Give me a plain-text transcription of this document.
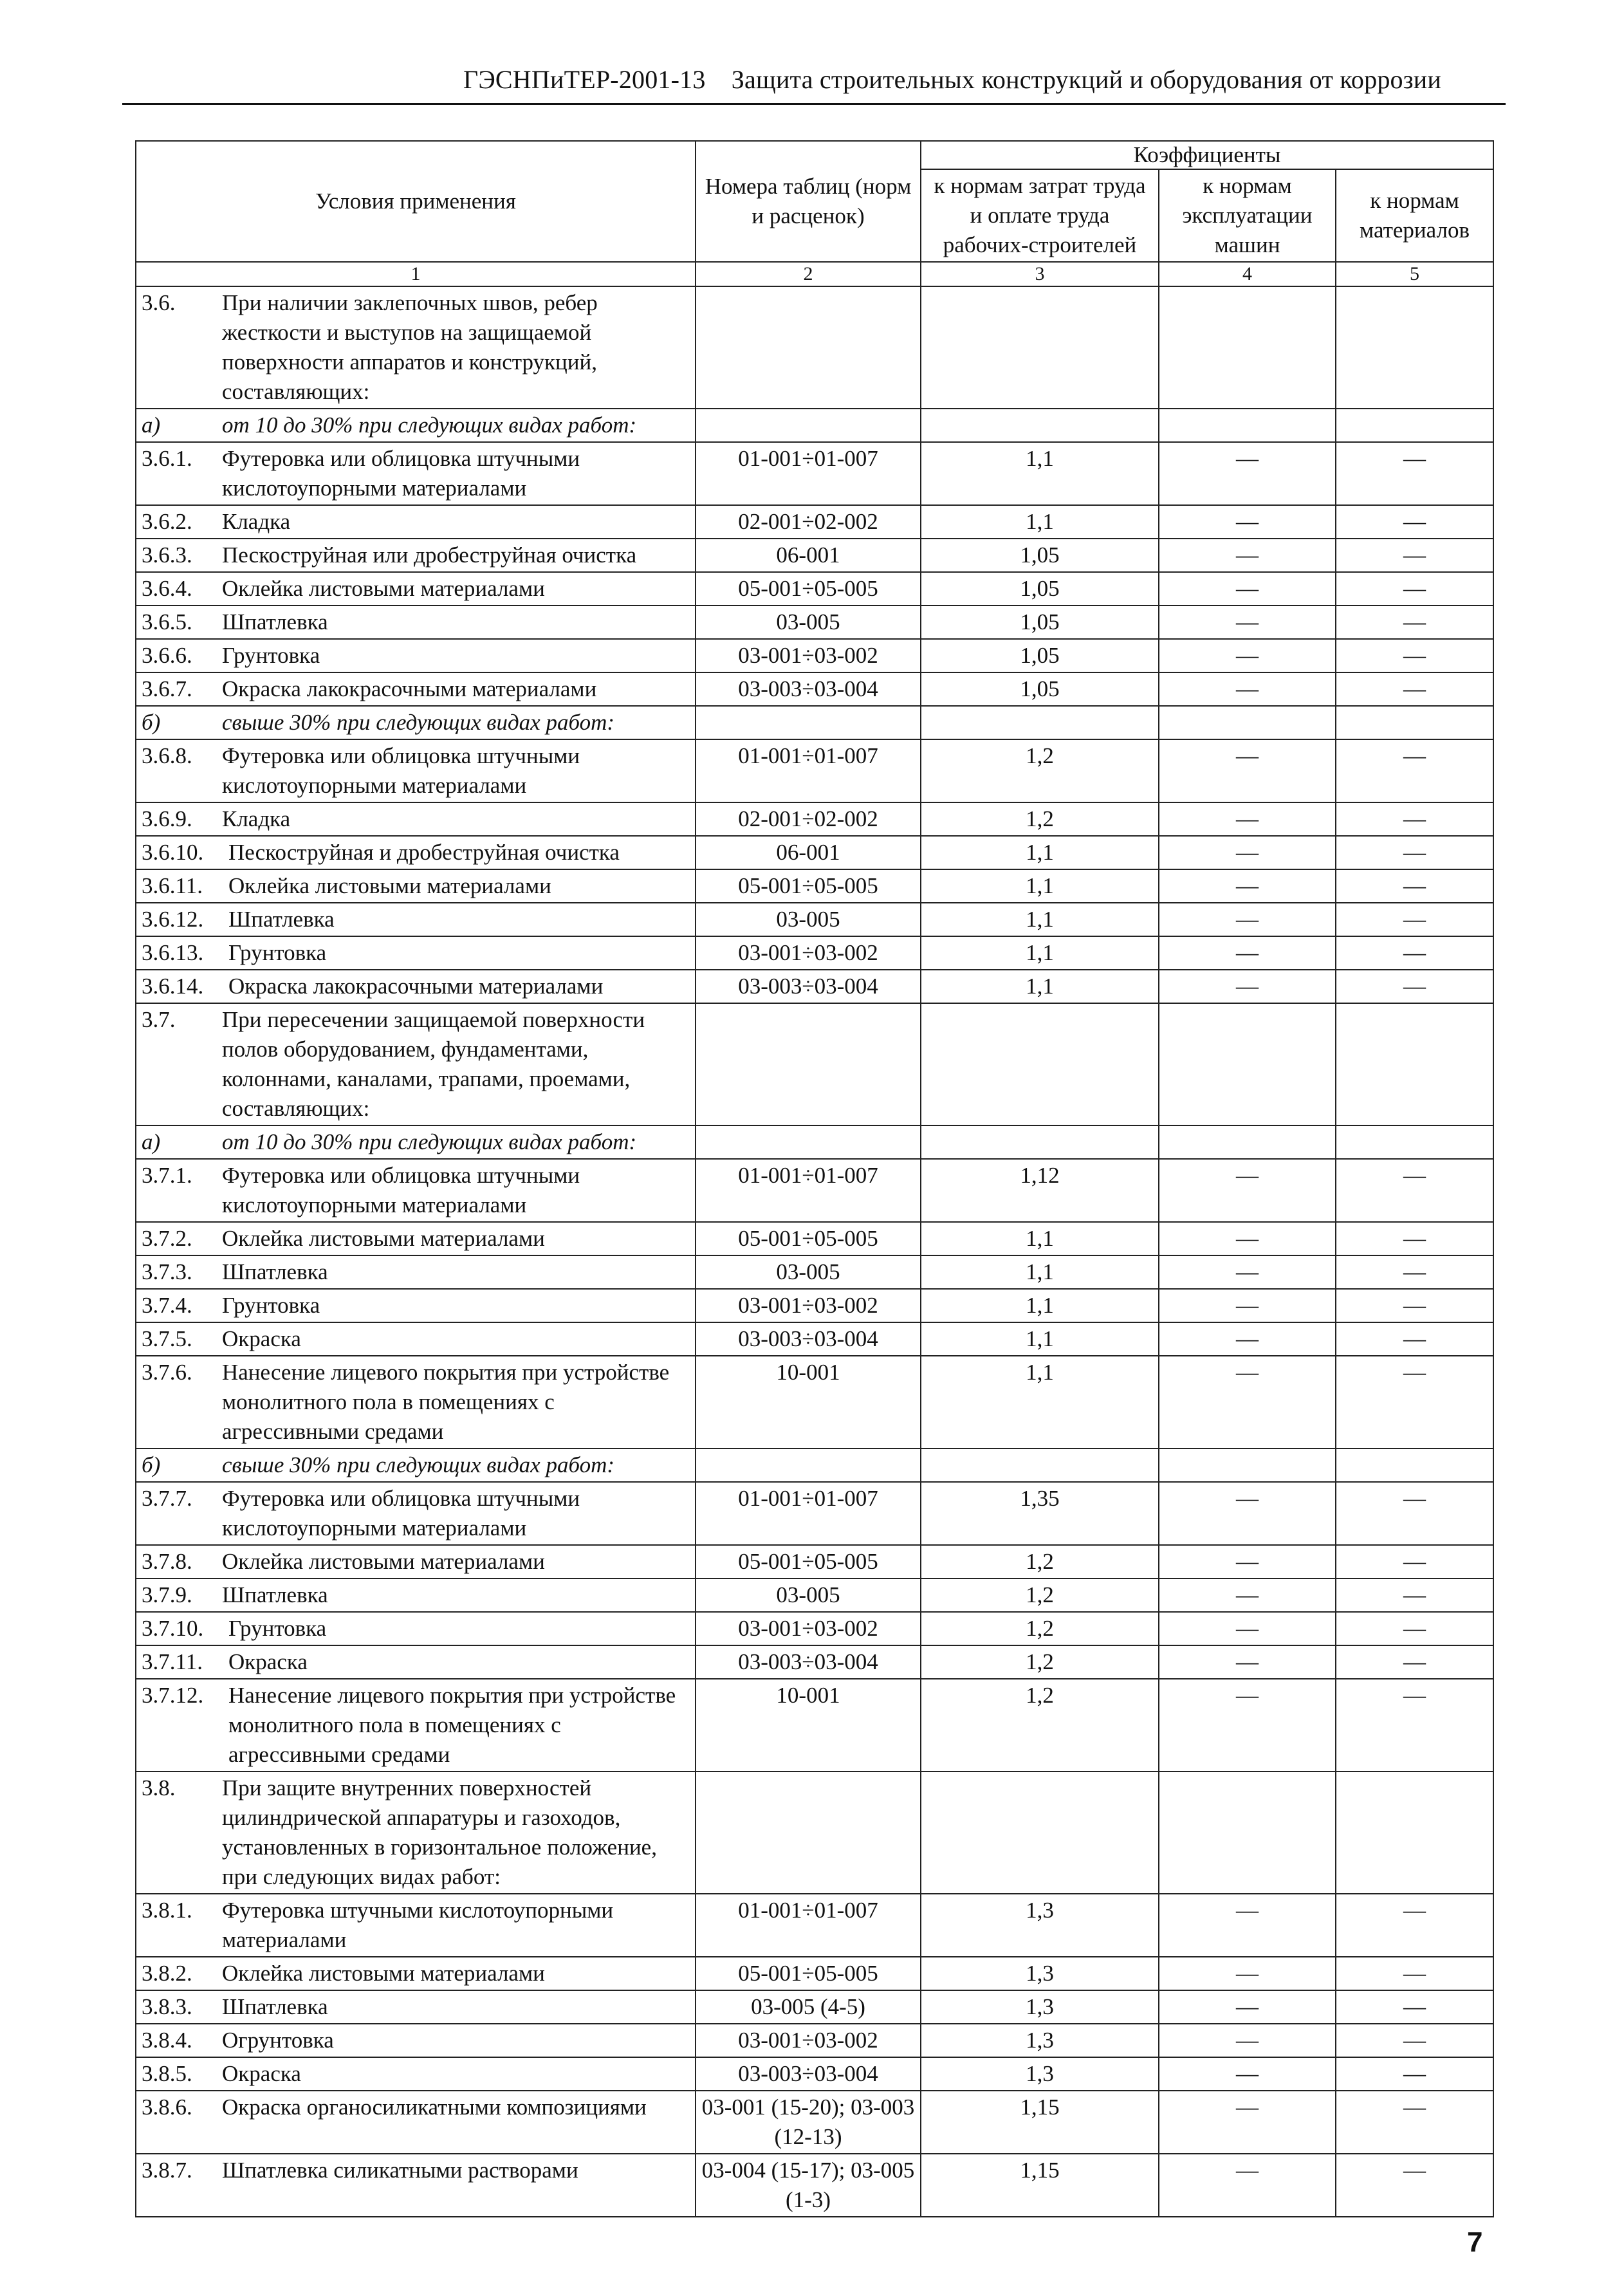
ГЭСНПиТЕР-2001-13 Защита строительных конструкций и оборудования от коррозии
Условия применения	Номера таблиц (норм и расценок)	Коэффициенты		
		к нормам затрат труда и оплате труда рабочих-строителей	к нормам эксплуатации машин	к нормам материалов
1	2	3	4	5

3.6. При наличии заклепочных швов, ребер жесткости и выступов на защищаемой поверхности аппаратов и конструкций, составляющих:				

а) от 10 до 30% при следующих видах работ:				

3.6.1. Футеровка или облицовка штучными кислотоупорными материалами	01-001÷01-007	1,1	—	—

3.6.2. Кладка	02-001÷02-002	1,1	—	—

3.6.3. Пескоструйная или дробеструйная очистка	06-001	1,05	—	—

3.6.4. Оклейка листовыми материалами	05-001÷05-005	1,05	—	—

3.6.5. Шпатлевка	03-005	1,05	—	—

3.6.6. Грунтовка	03-001÷03-002	1,05	—	—

3.6.7. Окраска лакокрасочными материалами	03-003÷03-004	1,05	—	—

б) свыше 30% при следующих видах работ:				

3.6.8. Футеровка или облицовка штучными кислотоупорными материалами	01-001÷01-007	1,2	—	—

3.6.9. Кладка	02-001÷02-002	1,2	—	—

3.6.10. Пескоструйная и дробеструйная очистка	06-001	1,1	—	—

3.6.11. Оклейка листовыми материалами	05-001÷05-005	1,1	—	—

3.6.12. Шпатлевка	03-005	1,1	—	—

3.6.13. Грунтовка	03-001÷03-002	1,1	—	—

3.6.14. Окраска лакокрасочными материалами	03-003÷03-004	1,1	—	—

3.7. При пересечении защищаемой поверхности полов оборудованием, фундаментами, колоннами, каналами, трапами, проемами, составляющих:				

а) от 10 до 30% при следующих видах работ:				

3.7.1. Футеровка или облицовка штучными кислотоупорными материалами	01-001÷01-007	1,12	—	—

3.7.2. Оклейка листовыми материалами	05-001÷05-005	1,1	—	—

3.7.3. Шпатлевка	03-005	1,1	—	—

3.7.4. Грунтовка	03-001÷03-002	1,1	—	—

3.7.5. Окраска	03-003÷03-004	1,1	—	—

3.7.6. Нанесение лицевого покрытия при устройстве монолитного пола в помещениях с агрессивными средами	10-001	1,1	—	—

б) свыше 30% при следующих видах работ:				

3.7.7. Футеровка или облицовка штучными кислотоупорными материалами	01-001÷01-007	1,35	—	—

3.7.8. Оклейка листовыми материалами	05-001÷05-005	1,2	—	—

3.7.9. Шпатлевка	03-005	1,2	—	—

3.7.10. Грунтовка	03-001÷03-002	1,2	—	—

3.7.11. Окраска	03-003÷03-004	1,2	—	—

3.7.12. Нанесение лицевого покрытия при устройстве монолитного пола в помещениях с агрессивными средами	10-001	1,2	—	—

3.8. При защите внутренних поверхностей цилиндрической аппаратуры и газоходов, установленных в горизонтальное положение, при следующих видах работ:				

3.8.1. Футеровка штучными кислотоупорными материалами	01-001÷01-007	1,3	—	—

3.8.2. Оклейка листовыми материалами	05-001÷05-005	1,3	—	—

3.8.3. Шпатлевка	03-005 (4-5)	1,3	—	—

3.8.4. Огрунтовка	03-001÷03-002	1,3	—	—

3.8.5. Окраска	03-003÷03-004	1,3	—	—

3.8.6. Окраска органосиликатными композициями	03-001 (15-20); 03-003 (12-13)	1,15	—	—

3.8.7. Шпатлевка силикатными растворами	03-004 (15-17); 03-005 (1-3)	1,15	—	—
7
